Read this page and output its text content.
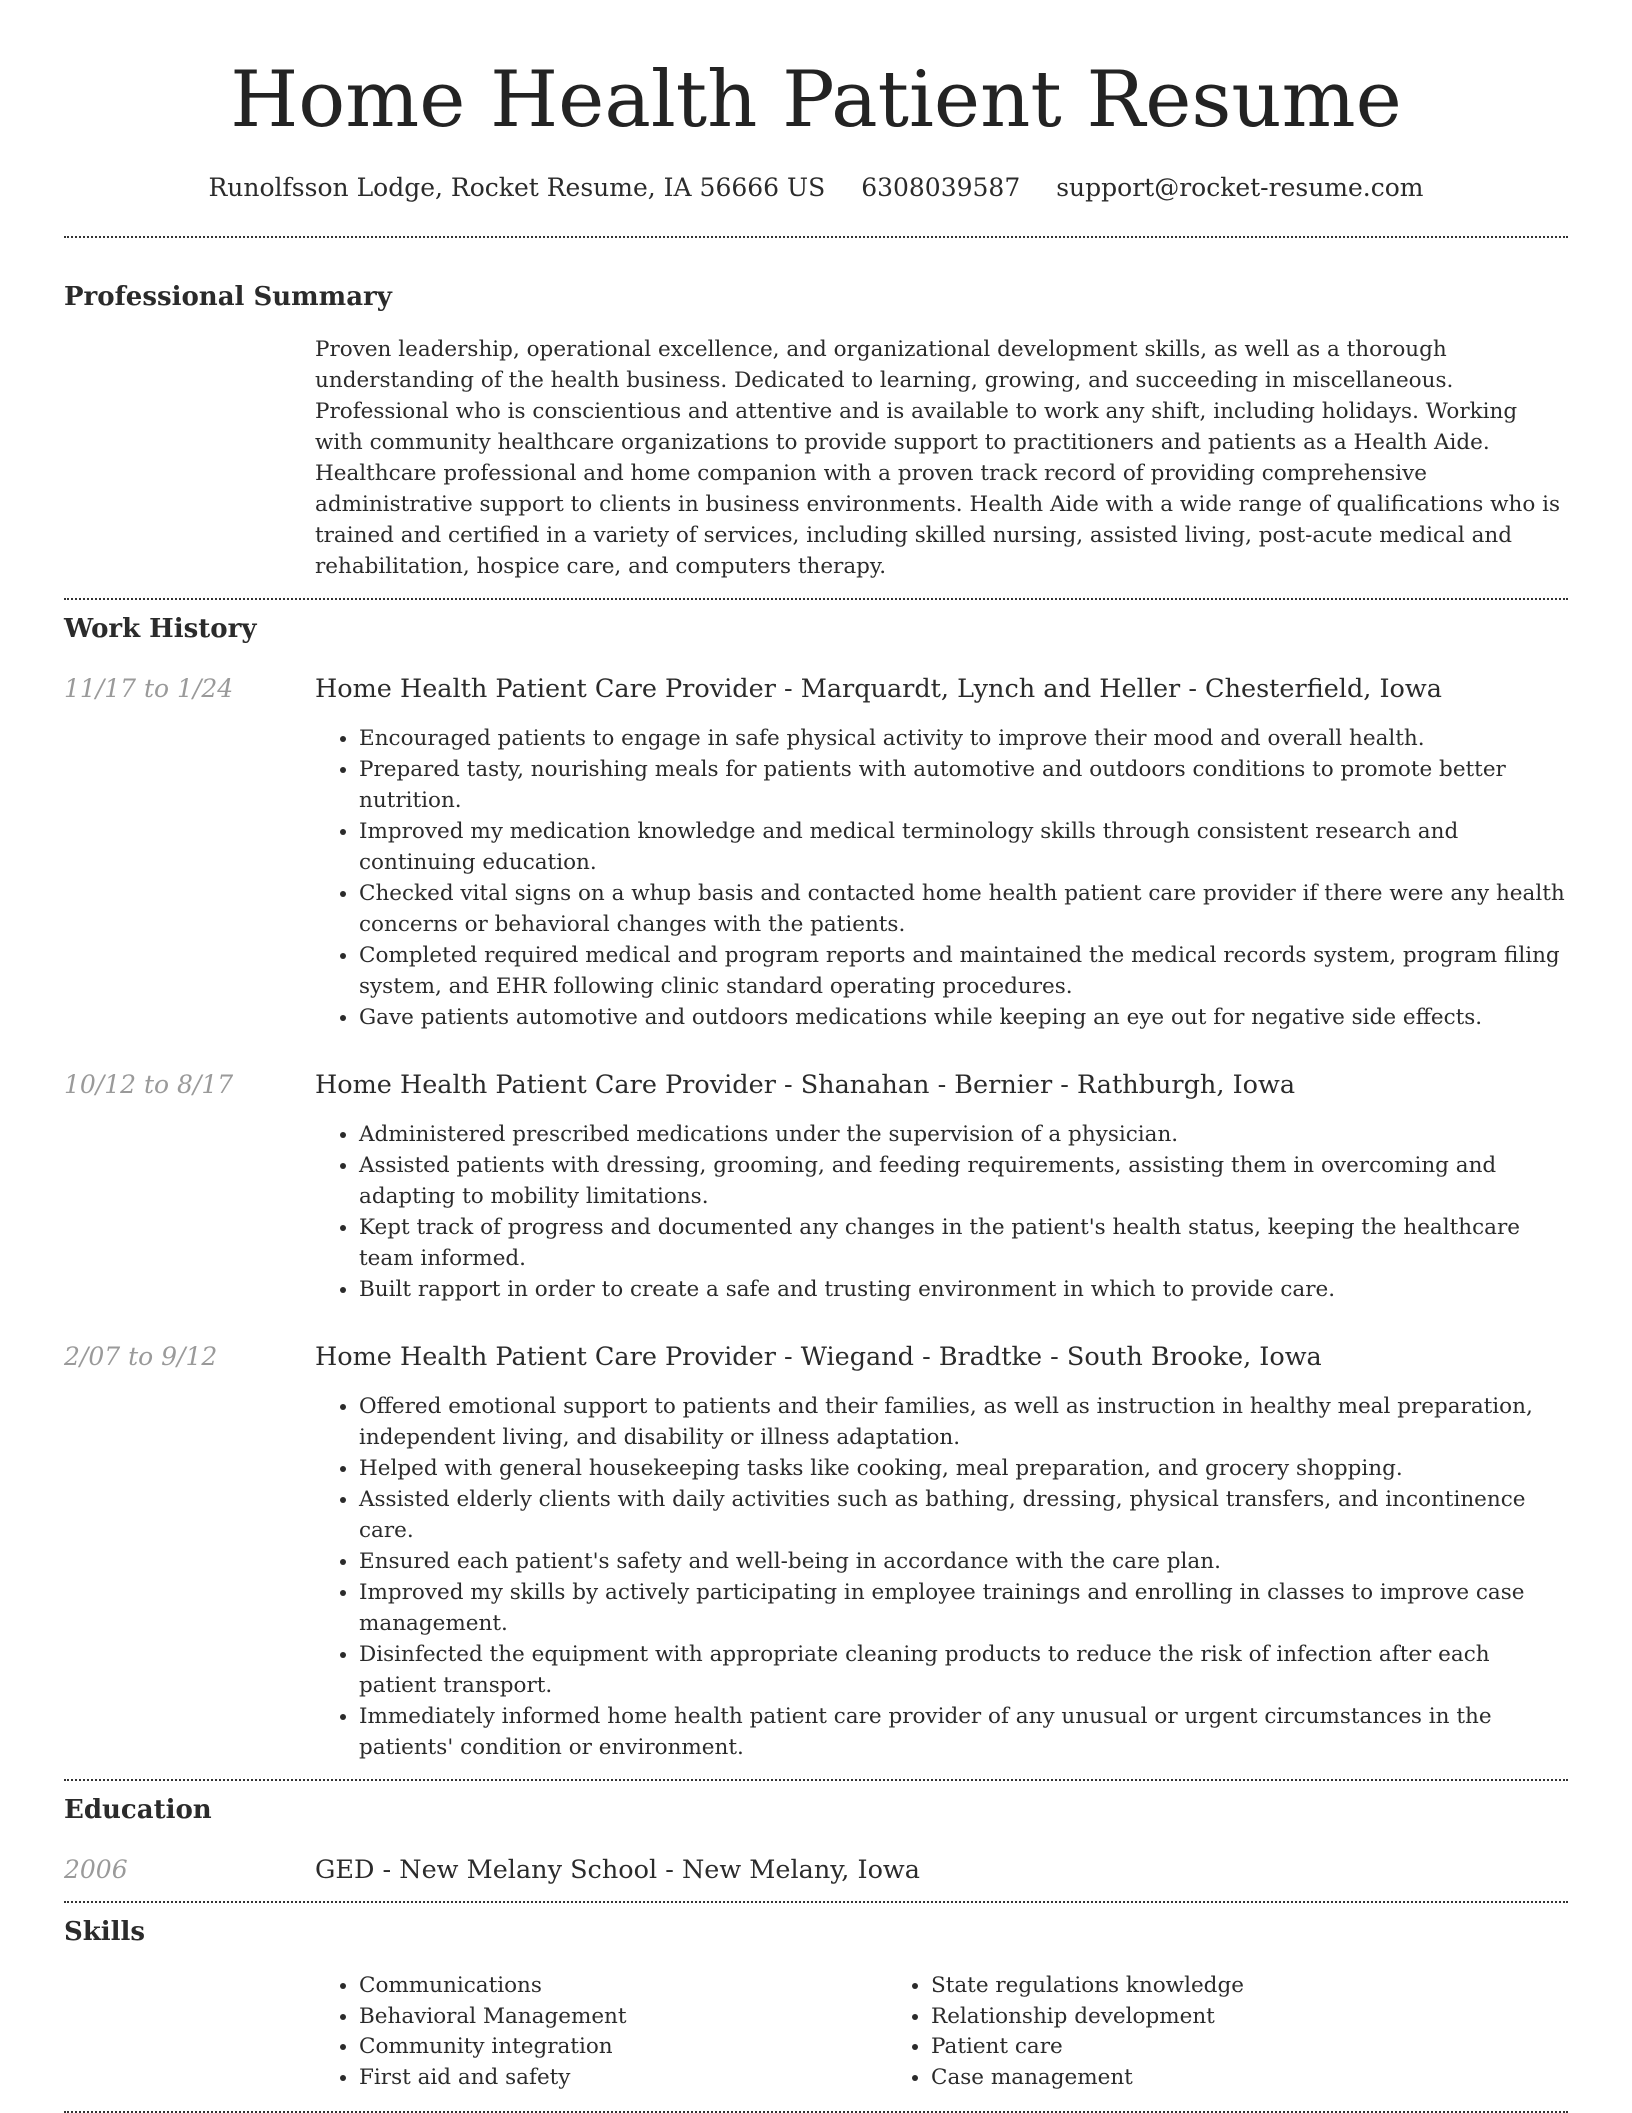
Home Health Patient Resume
Runolfsson Lodge, Rocket Resume, IA 56666 US 6308039587 support@rocket-resume.com
Professional Summary

Proven leadership, operational excellence, and organizational development skills, as well as a thorough understanding of the health business. Dedicated to learning, growing, and succeeding in miscellaneous. Professional who is conscientious and attentive and is available to work any shift, including holidays. Working with community healthcare organizations to provide support to practitioners and patients as a Health Aide. Healthcare professional and home companion with a proven track record of providing comprehensive administrative support to clients in business environments. Health Aide with a wide range of qualifications who is trained and certified in a variety of services, including skilled nursing, assisted living, post-acute medical and rehabilitation, hospice care, and computers therapy.

Work History
11/17 to 1/24	Home Health Patient Care Provider - Marquardt, Lynch and Heller - Chesterfield, Iowa
• Encouraged patients to engage in safe physical activity to improve their mood and overall health.
• Prepared tasty, nourishing meals for patients with automotive and outdoors conditions to promote better nutrition.
• Improved my medication knowledge and medical terminology skills through consistent research and continuing education.
• Checked vital signs on a whup basis and contacted home health patient care provider if there were any health concerns or behavioral changes with the patients.
• Completed required medical and program reports and maintained the medical records system, program filing system, and EHR following clinic standard operating procedures.
• Gave patients automotive and outdoors medications while keeping an eye out for negative side effects.
10/12 to 8/17	Home Health Patient Care Provider - Shanahan - Bernier - Rathburgh, Iowa
• Administered prescribed medications under the supervision of a physician.
• Assisted patients with dressing, grooming, and feeding requirements, assisting them in overcoming and adapting to mobility limitations.
• Kept track of progress and documented any changes in the patient's health status, keeping the healthcare team informed.
• Built rapport in order to create a safe and trusting environment in which to provide care.
2/07 to 9/12	Home Health Patient Care Provider - Wiegand - Bradtke - South Brooke, Iowa
• Offered emotional support to patients and their families, as well as instruction in healthy meal preparation, independent living, and disability or illness adaptation.
• Helped with general housekeeping tasks like cooking, meal preparation, and grocery shopping.
• Assisted elderly clients with daily activities such as bathing, dressing, physical transfers, and incontinence care.
• Ensured each patient's safety and well-being in accordance with the care plan.
• Improved my skills by actively participating in employee trainings and enrolling in classes to improve case management.
• Disinfected the equipment with appropriate cleaning products to reduce the risk of infection after each patient transport.
• Immediately informed home health patient care provider of any unusual or urgent circumstances in the patients' condition or environment.
Education
2006	GED - New Melany School - New Melany, Iowa
Skills
• Communications
• Behavioral Management
• Community integration
• First aid and safety
• State regulations knowledge
• Relationship development
• Patient care
• Case management
